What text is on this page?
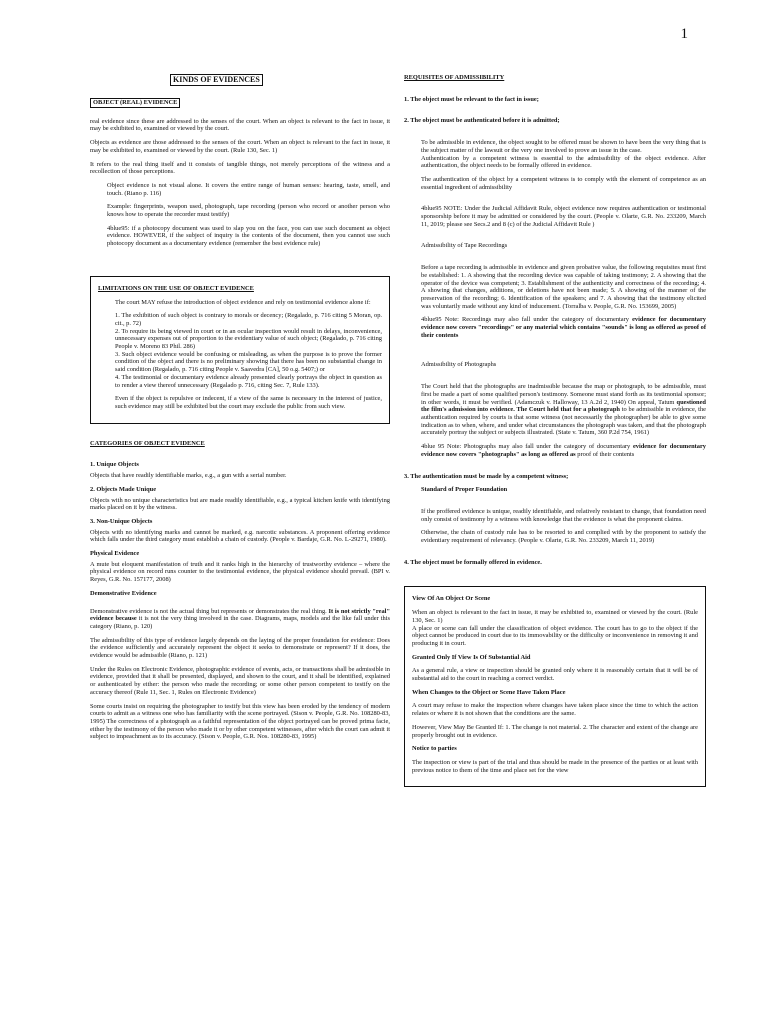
1
KINDS OF EVIDENCES
OBJECT (REAL) EVIDENCE

real evidence since these are addressed to the senses of the court. When an object is relevant to the fact in issue, it may be exhibited to, examined or viewed by the court.

Objects as evidence are those addressed to the senses of the court. When an object is relevant to the fact in issue, it may be exhibited to, examined or viewed by the court. (Rule 130, Sec. 1)

It refers to the real thing itself and it consists of tangible things, not merely perceptions of the witness and a recollection of those perceptions.

Object evidence is not visual alone. It covers the entire range of human senses: hearing, taste, smell, and touch. (Riano p. 116)

Example: fingerprints, weapon used, photograph, tape recording (person who record or another person who knows how to operate the recorder must testify)

4blue95: if a photocopy document was used to slap you on the face, you can use such document as object evidence. HOWEVER, if the subject of inquiry is the contents of the document, then you cannot use such photocopy document as a documentary evidence (remember the best evidence rule)

LIMITATIONS ON THE USE OF OBJECT EVIDENCE

The court MAY refuse the introduction of object evidence and rely on testimonial evidence alone if:

1. The exhibition of such object is contrary to morals or decency; (Regalado, p. 716 citing 5 Moran, op. cit., p. 72)

2. To require its being viewed in court or in an ocular inspection would result in delays, inconvenience, unnecessary expenses out of proportion to the evidentiary value of such object; (Regalado, p. 716 citing People v. Moreno 83 Phil. 286)

3. Such object evidence would be confusing or misleading, as when the purpose is to prove the former condition of the object and there is no preliminary showing that there has been no substantial change in said condition (Regalado, p. 716 citing People v. Saavedra [CA], 50 o.g. 5407;) or

4. The testimonial or documentary evidence already presented clearly portrays the object in question as to render a view thereof unnecessary (Regalado p. 716, citing Sec. 7, Rule 133).

Even if the object is repulsive or indecent, if a view of the same is necessary in the interest of justice, such evidence may still be exhibited but the court may exclude the public from such view.

CATEGORIES OF OBJECT EVIDENCE

1. Unique Objects

Objects that have readily identifiable marks, e.g., a gun with a serial number.

2. Objects Made Unique

Objects with no unique characteristics but are made readily identifiable, e.g., a typical kitchen knife with identifying marks placed on it by the witness.

3. Non-Unique Objects

Objects with no identifying marks and cannot be marked, e.g. narcotic substances. A proponent offering evidence which falls under the third category must establish a chain of custody. (People v. Bardaje, G.R. No. L-29271, 1980).

Physical Evidence

A mute but eloquent manifestation of truth and it ranks high in the hierarchy of trustworthy evidence – where the physical evidence on record runs counter to the testimonial evidence, the physical evidence should prevail. (BPI v. Reyes, G.R. No. 157177, 2008)

Demonstrative Evidence

Demonstrative evidence is not the actual thing but represents or demonstrates the real thing. It is not strictly "real" evidence because it is not the very thing involved in the case. Diagrams, maps, models and the like fall under this category (Riano, p. 120)

The admissibility of this type of evidence largely depends on the laying of the proper foundation for evidence: Does the evidence sufficiently and accurately represent the object it seeks to demonstrate or represent? If it does, the evidence would be admissible (Riano, p. 121)

Under the Rules on Electronic Evidence, photographic evidence of events, acts, or transactions shall be admissible in evidence, provided that it shall be presented, displayed, and shown to the court, and it shall be identified, explained or authenticated by either: the person who made the recording; or some other person competent to testify on the accuracy thereof (Rule 11, Sec. 1, Rules on Electronic Evidence)

Some courts insist on requiring the photographer to testify but this view has been eroded by the tendency of modern courts to admit as a witness one who has familiarity with the scene portrayed. (Sison v. People, G.R. No. 108280-83, 1995) The correctness of a photograph as a faithful representation of the object portrayed can be proved prima facie, either by the testimony of the person who made it or by other competent witnesses, after which the court can admit it subject to impeachment as to its accuracy. (Sison v. People, G.R. Nos. 108280-83, 1995)

REQUISITES OF ADMISSIBILITY

1. The object must be relevant to the fact in issue;

2. The object must be authenticated before it is admitted;

To be admissible in evidence, the object sought to be offered must be shown to have been the very thing that is the subject matter of the lawsuit or the very one involved to prove an issue in the case.

Authentication by a competent witness is essential to the admissibility of the object evidence. After authentication, the object needs to be formally offered in evidence.

The authentication of the object by a competent witness is to comply with the element of competence as an essential ingredient of admissibility

4blue95 NOTE: Under the Judicial Affidavit Rule, object evidence now requires authentication or testimonial sponsorship before it may be admitted or considered by the court. (People v. Olarte, G.R. No. 233209, March 11, 2019; please see Secs.2 and 8 (c) of the Judicial Affidavit Rule )

Admissibility of Tape Recordings

Before a tape recording is admissible in evidence and given probative value, the following requisites must first be established: 1. A showing that the recording device was capable of taking testimony; 2. A showing that the operator of the device was competent; 3. Establishment of the authenticity and correctness of the recording; 4. A showing that changes, additions, or deletions have not been made; 5. A showing of the manner of the preservation of the recording; 6. Identification of the speakers; and 7. A showing that the testimony elicited was voluntarily made without any kind of inducement. (Torralba v. People, G.R. No. 153699, 2005)

4blue95 Note: Recordings may also fall under the category of documentary evidence for documentary evidence now covers "recordings" or any material which contains "sounds" is long as offered as proof of their contents

Admissibility of Photographs

The Court held that the photographs are inadmissible because the map or photograph, to be admissible, must first be made a part of some qualified person's testimony. Someone must stand forth as its testimonial sponsor; in other words, it must be verified. (Adamczuk v. Halloway, 13 A.2d 2, 1940) On appeal, Tatum questioned the film's admission into evidence. The Court held that for a photograph to be admissible in evidence, the authentication required by courts is that some witness (not necessarily the photographer) be able to give some indication as to when, where, and under what circumstances the photograph was taken, and that the photograph accurately portray the subject or subjects illustrated. (State v. Tatum, 360 P.2d 754, 1961)

4blue 95 Note: Photographs may also fall under the category of documentary evidence for documentary evidence now covers "photographs" as long as offered as proof of their contents

3. The authentication must be made by a competent witness;

Standard of Proper Foundation

If the proffered evidence is unique, readily identifiable, and relatively resistant to change, that foundation need only consist of testimony by a witness with knowledge that the evidence is what the proponent claims.

Otherwise, the chain of custody rule has to be resorted to and complied with by the proponent to satisfy the evidentiary requirement of relevancy. (People v. Olarte, G.R. No. 233209, March 11, 2019)

4. The object must be formally offered in evidence.

View Of An Object Or Scene

When an object is relevant to the fact in issue, it may be exhibited to, examined or viewed by the court. (Rule 130, Sec. 1)

A place or scene can fall under the classification of object evidence. The court has to go to the object if the object cannot be produced in court due to its immovability or the difficulty or inconvenience in removing it and producing it in court.

Granted Only If View Is Of Substantial Aid

As a general rule, a view or inspection should be granted only where it is reasonably certain that it will be of substantial aid to the court in reaching a correct verdict.

When Changes to the Object or Scene Have Taken Place

A court may refuse to make the inspection where changes have taken place since the time to which the action relates or where it is not shown that the conditions are the same.

However, View May Be Granted If: 1. The change is not material. 2. The character and extent of the change are properly brought out in evidence.

Notice to parties

The inspection or view is part of the trial and thus should be made in the presence of the parties or at least with previous notice to them of the time and place set for the view
